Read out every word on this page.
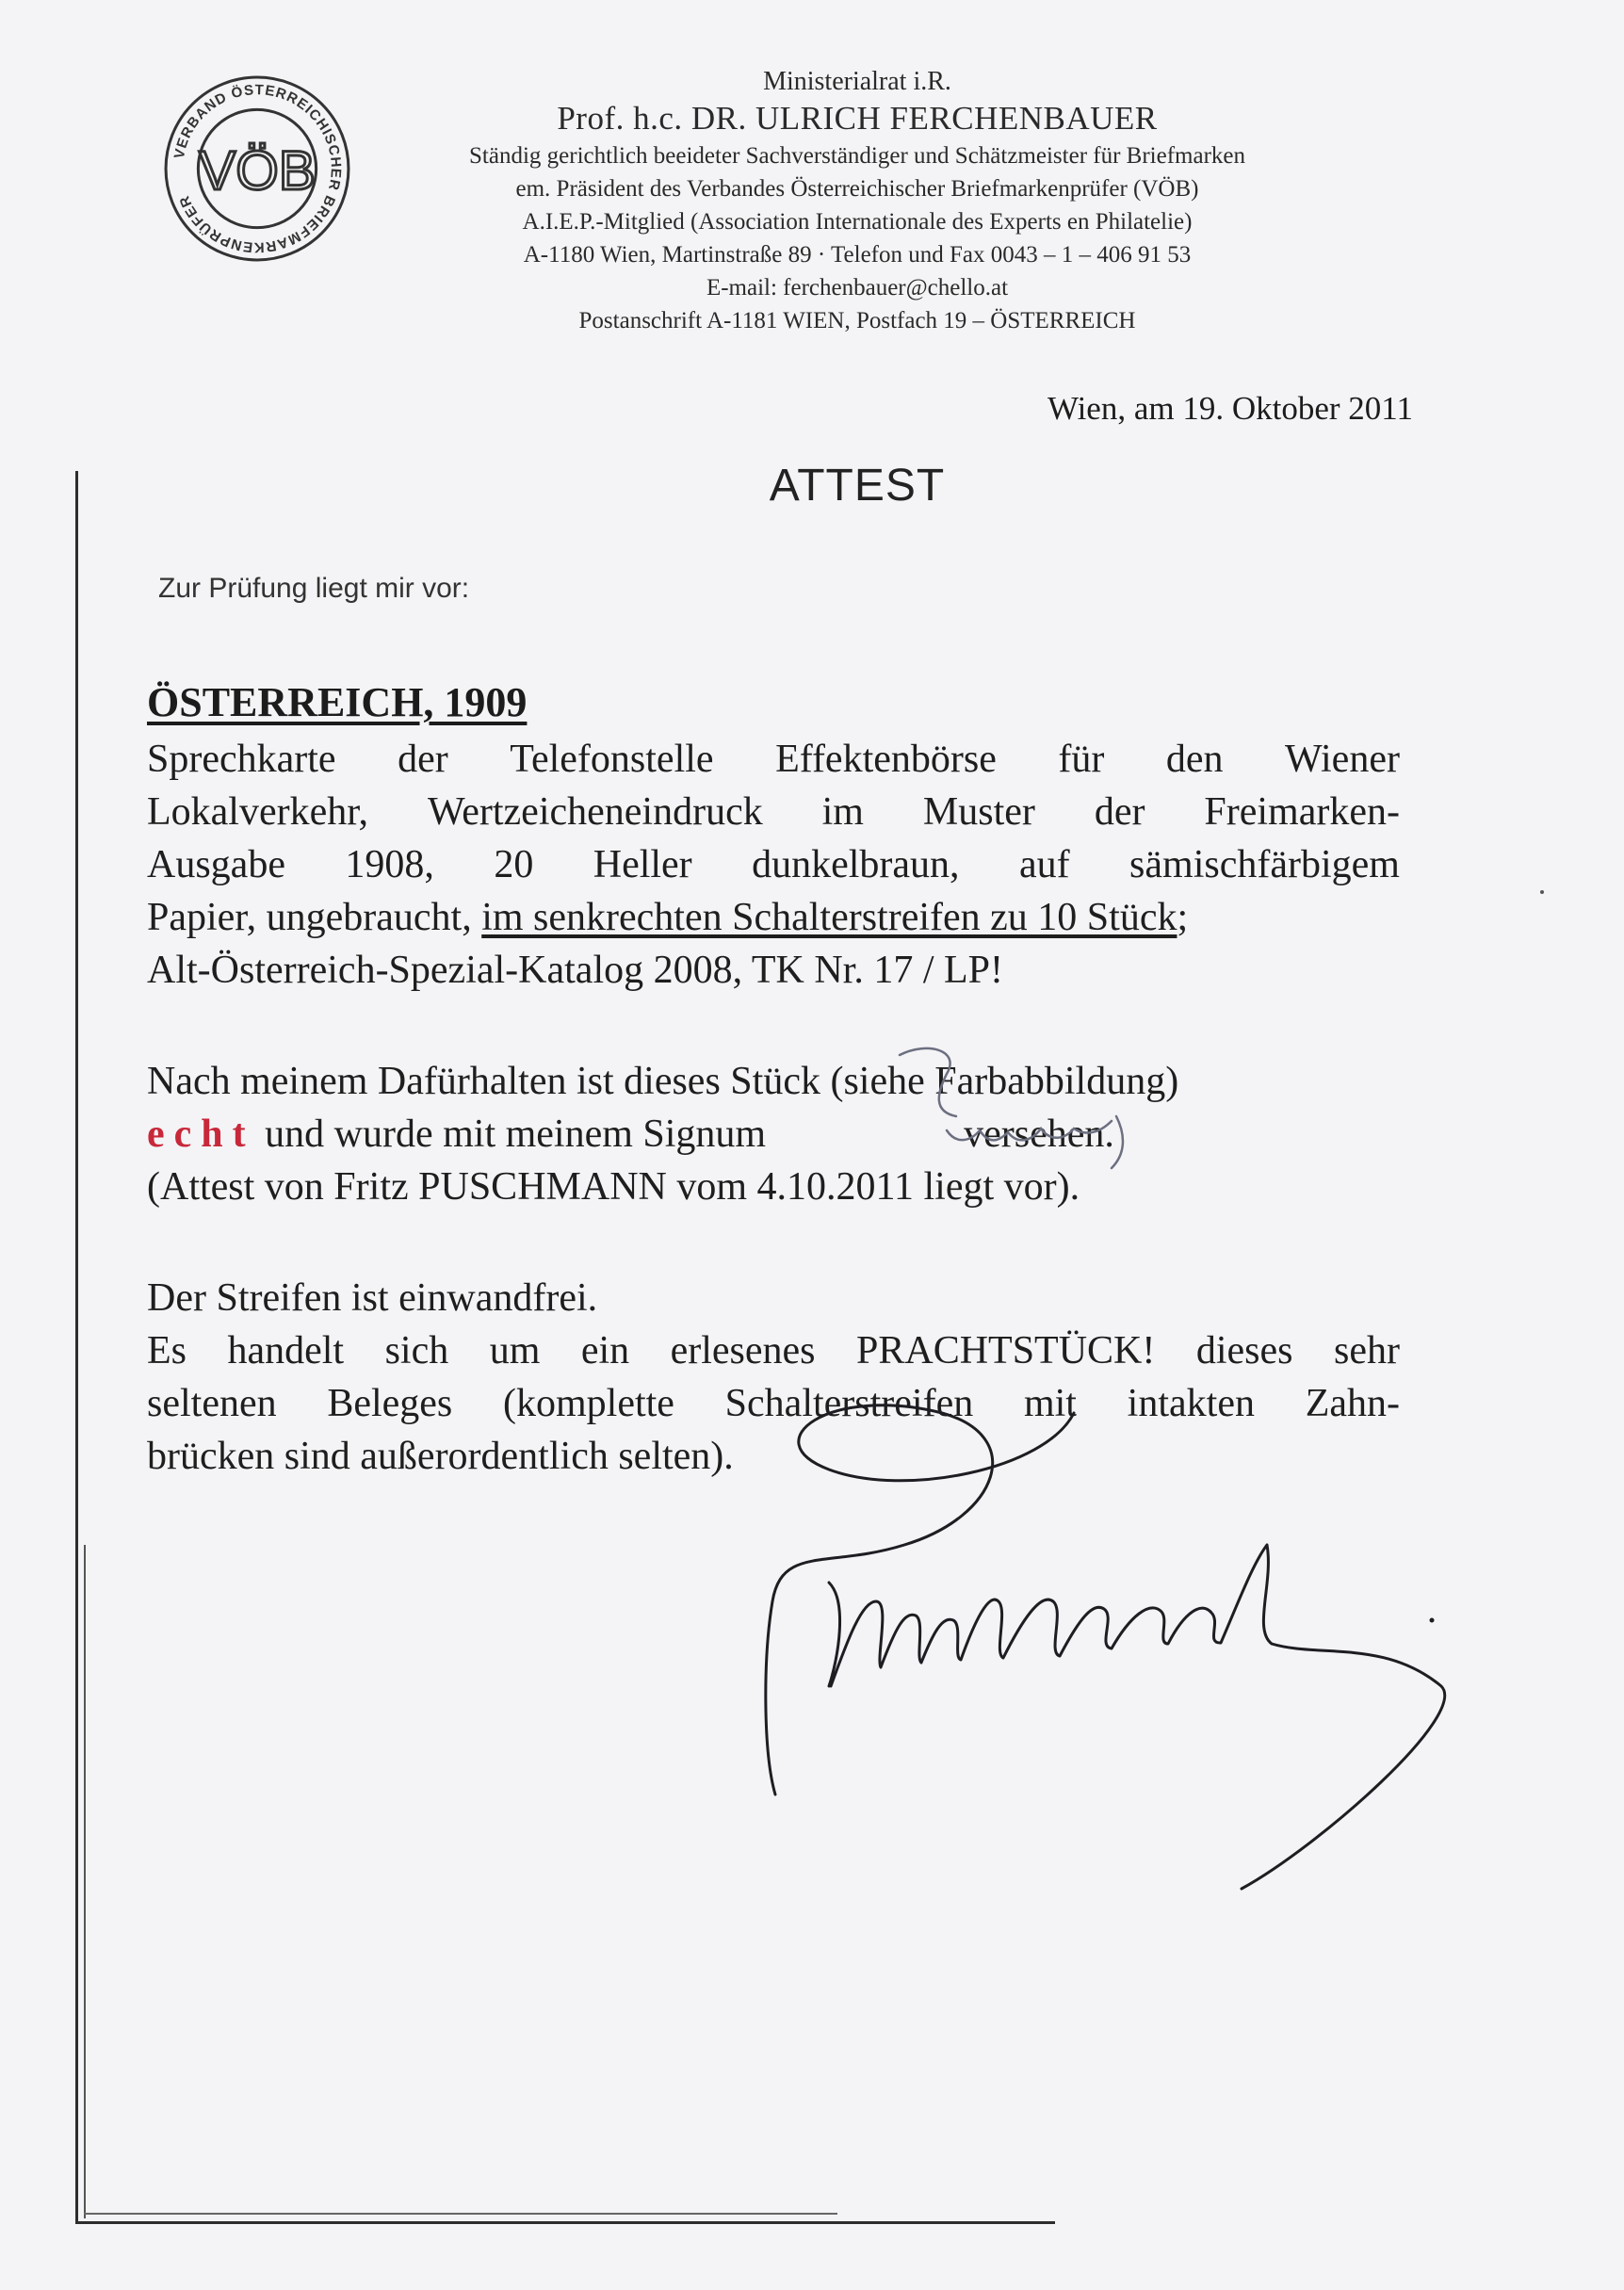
VERBAND ÖSTERREICHISCHER BRIEFMARKENPRÜFER VÖB
Ministerialrat i.R.
Prof. h.c. DR. ULRICH FERCHENBAUER
Ständig gerichtlich beeideter Sachverständiger und Schätzmeister für Briefmarken
em. Präsident des Verbandes Österreichischer Briefmarkenprüfer (VÖB)
A.I.E.P.-Mitglied (Association Internationale des Experts en Philatelie)
A-1180 Wien, Martinstraße 89 · Telefon und Fax 0043 – 1 – 406 91 53
E-mail: ferchenbauer@chello.at
Postanschrift A-1181 WIEN, Postfach 19 – ÖSTERREICH
Wien, am 19. Oktober 2011
ATTEST
Zur Prüfung liegt mir vor:
ÖSTERREICH, 1909
Sprechkarte der Telefonstelle Effektenbörse für den Wiener
Lokalverkehr, Wertzeicheneindruck im Muster der Freimarken-
Ausgabe 1908, 20 Heller dunkelbraun, auf sämischfärbigem
Papier, ungebraucht, im senkrechten Schalterstreifen zu 10 Stück;
Alt-Österreich-Spezial-Katalog 2008, TK Nr. 17 / LP!
Nach meinem Dafürhalten ist dieses Stück (siehe Farbabbildung)
echt und wurde mit meinem Signum	versehen.
(Attest von Fritz PUSCHMANN vom 4.10.2011 liegt vor).
Der Streifen ist einwandfrei.
Es handelt sich um ein erlesenes PRACHTSTÜCK! dieses sehr
seltenen Beleges (komplette Schalterstreifen mit intakten Zahn-
brücken sind außerordentlich selten).
